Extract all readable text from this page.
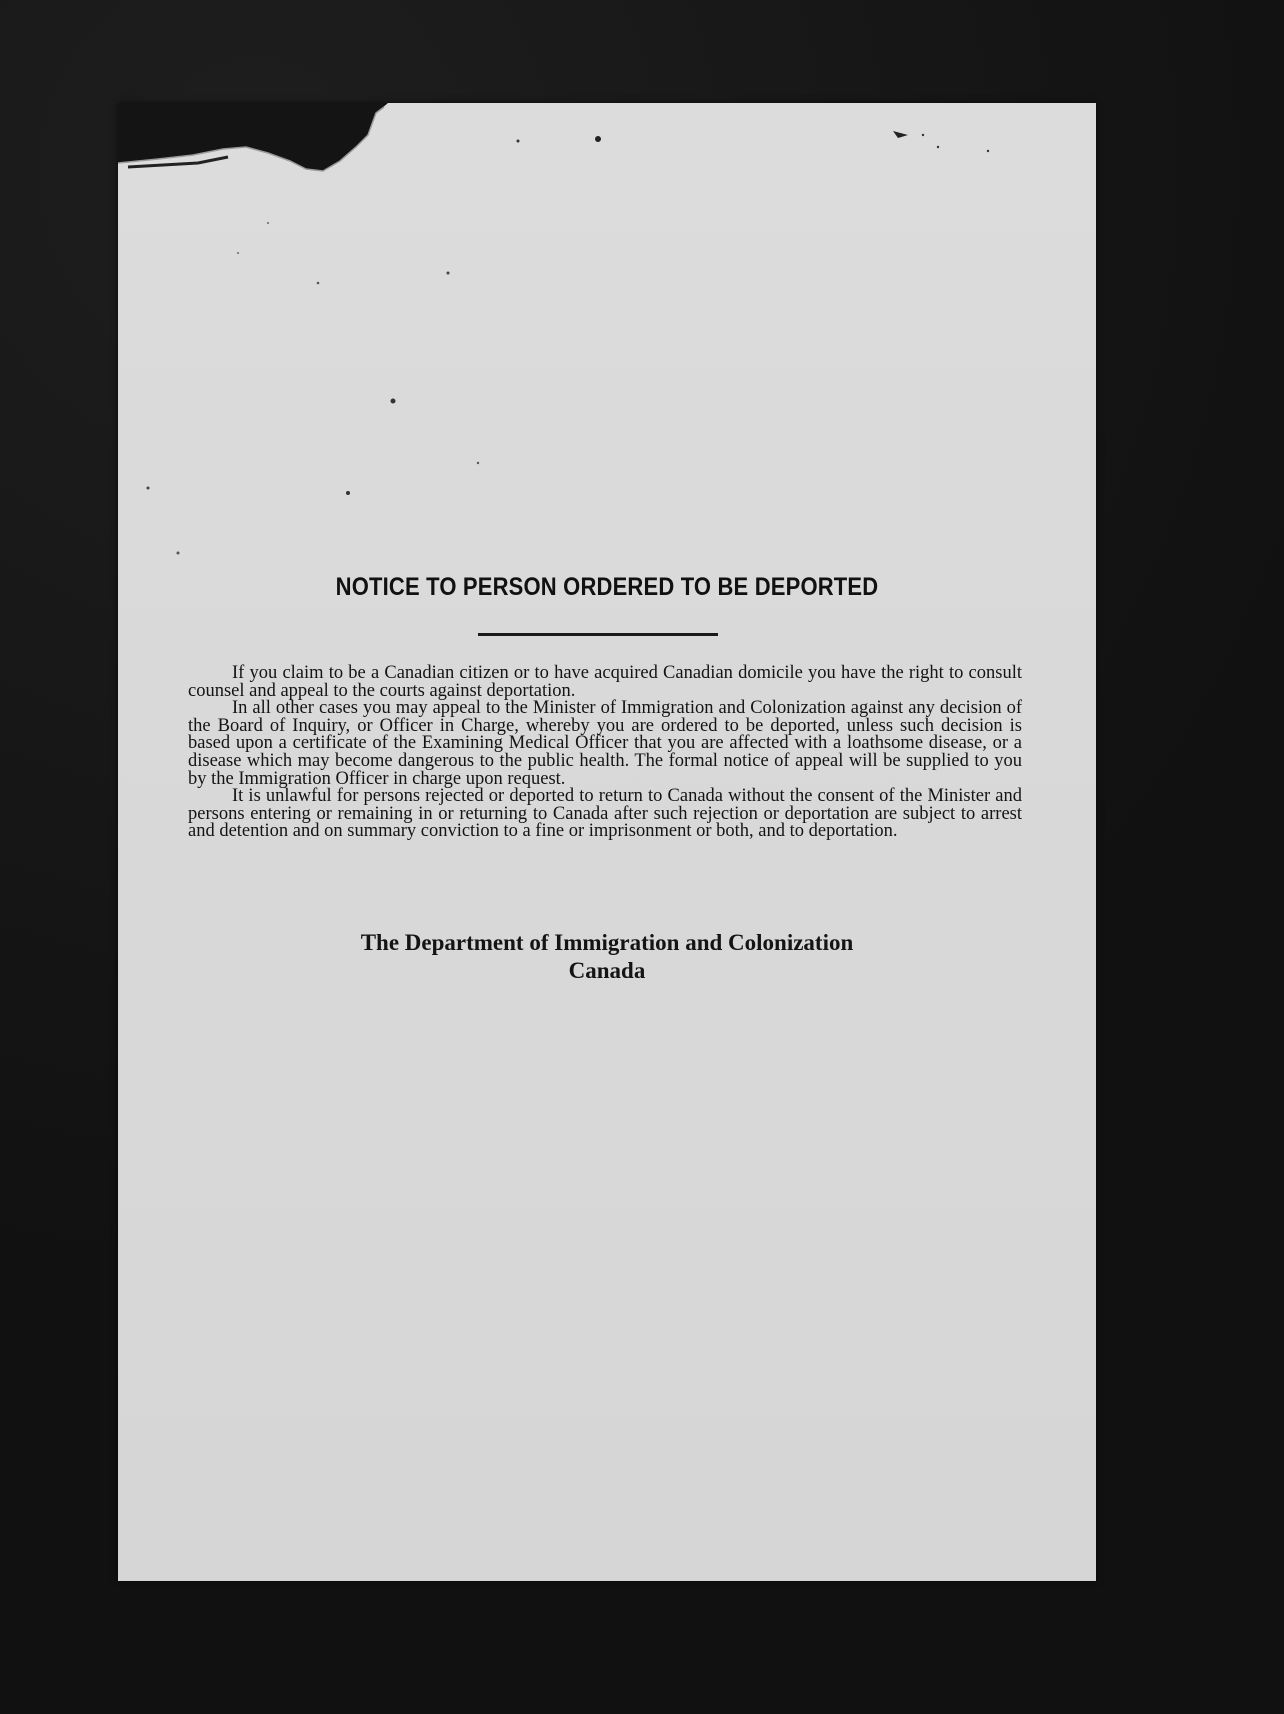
NOTICE TO PERSON ORDERED TO BE DEPORTED

If you claim to be a Canadian citizen or to have acquired Canadian domicile you have the right to consult counsel and appeal to the courts against deportation.

In all other cases you may appeal to the Minister of Immigration and Colonization against any decision of the Board of Inquiry, or Officer in Charge, whereby you are ordered to be deported, unless such decision is based upon a certificate of the Examining Medical Officer that you are affected with a loathsome disease, or a disease which may become dangerous to the public health. The formal notice of appeal will be supplied to you by the Immigration Officer in charge upon request.

It is unlawful for persons rejected or deported to return to Canada without the consent of the Minister and persons entering or remaining in or returning to Canada after such rejection or deportation are subject to arrest and detention and on summary conviction to a fine or imprisonment or both, and to deportation.

The Department of Immigration and Colonization
Canada
